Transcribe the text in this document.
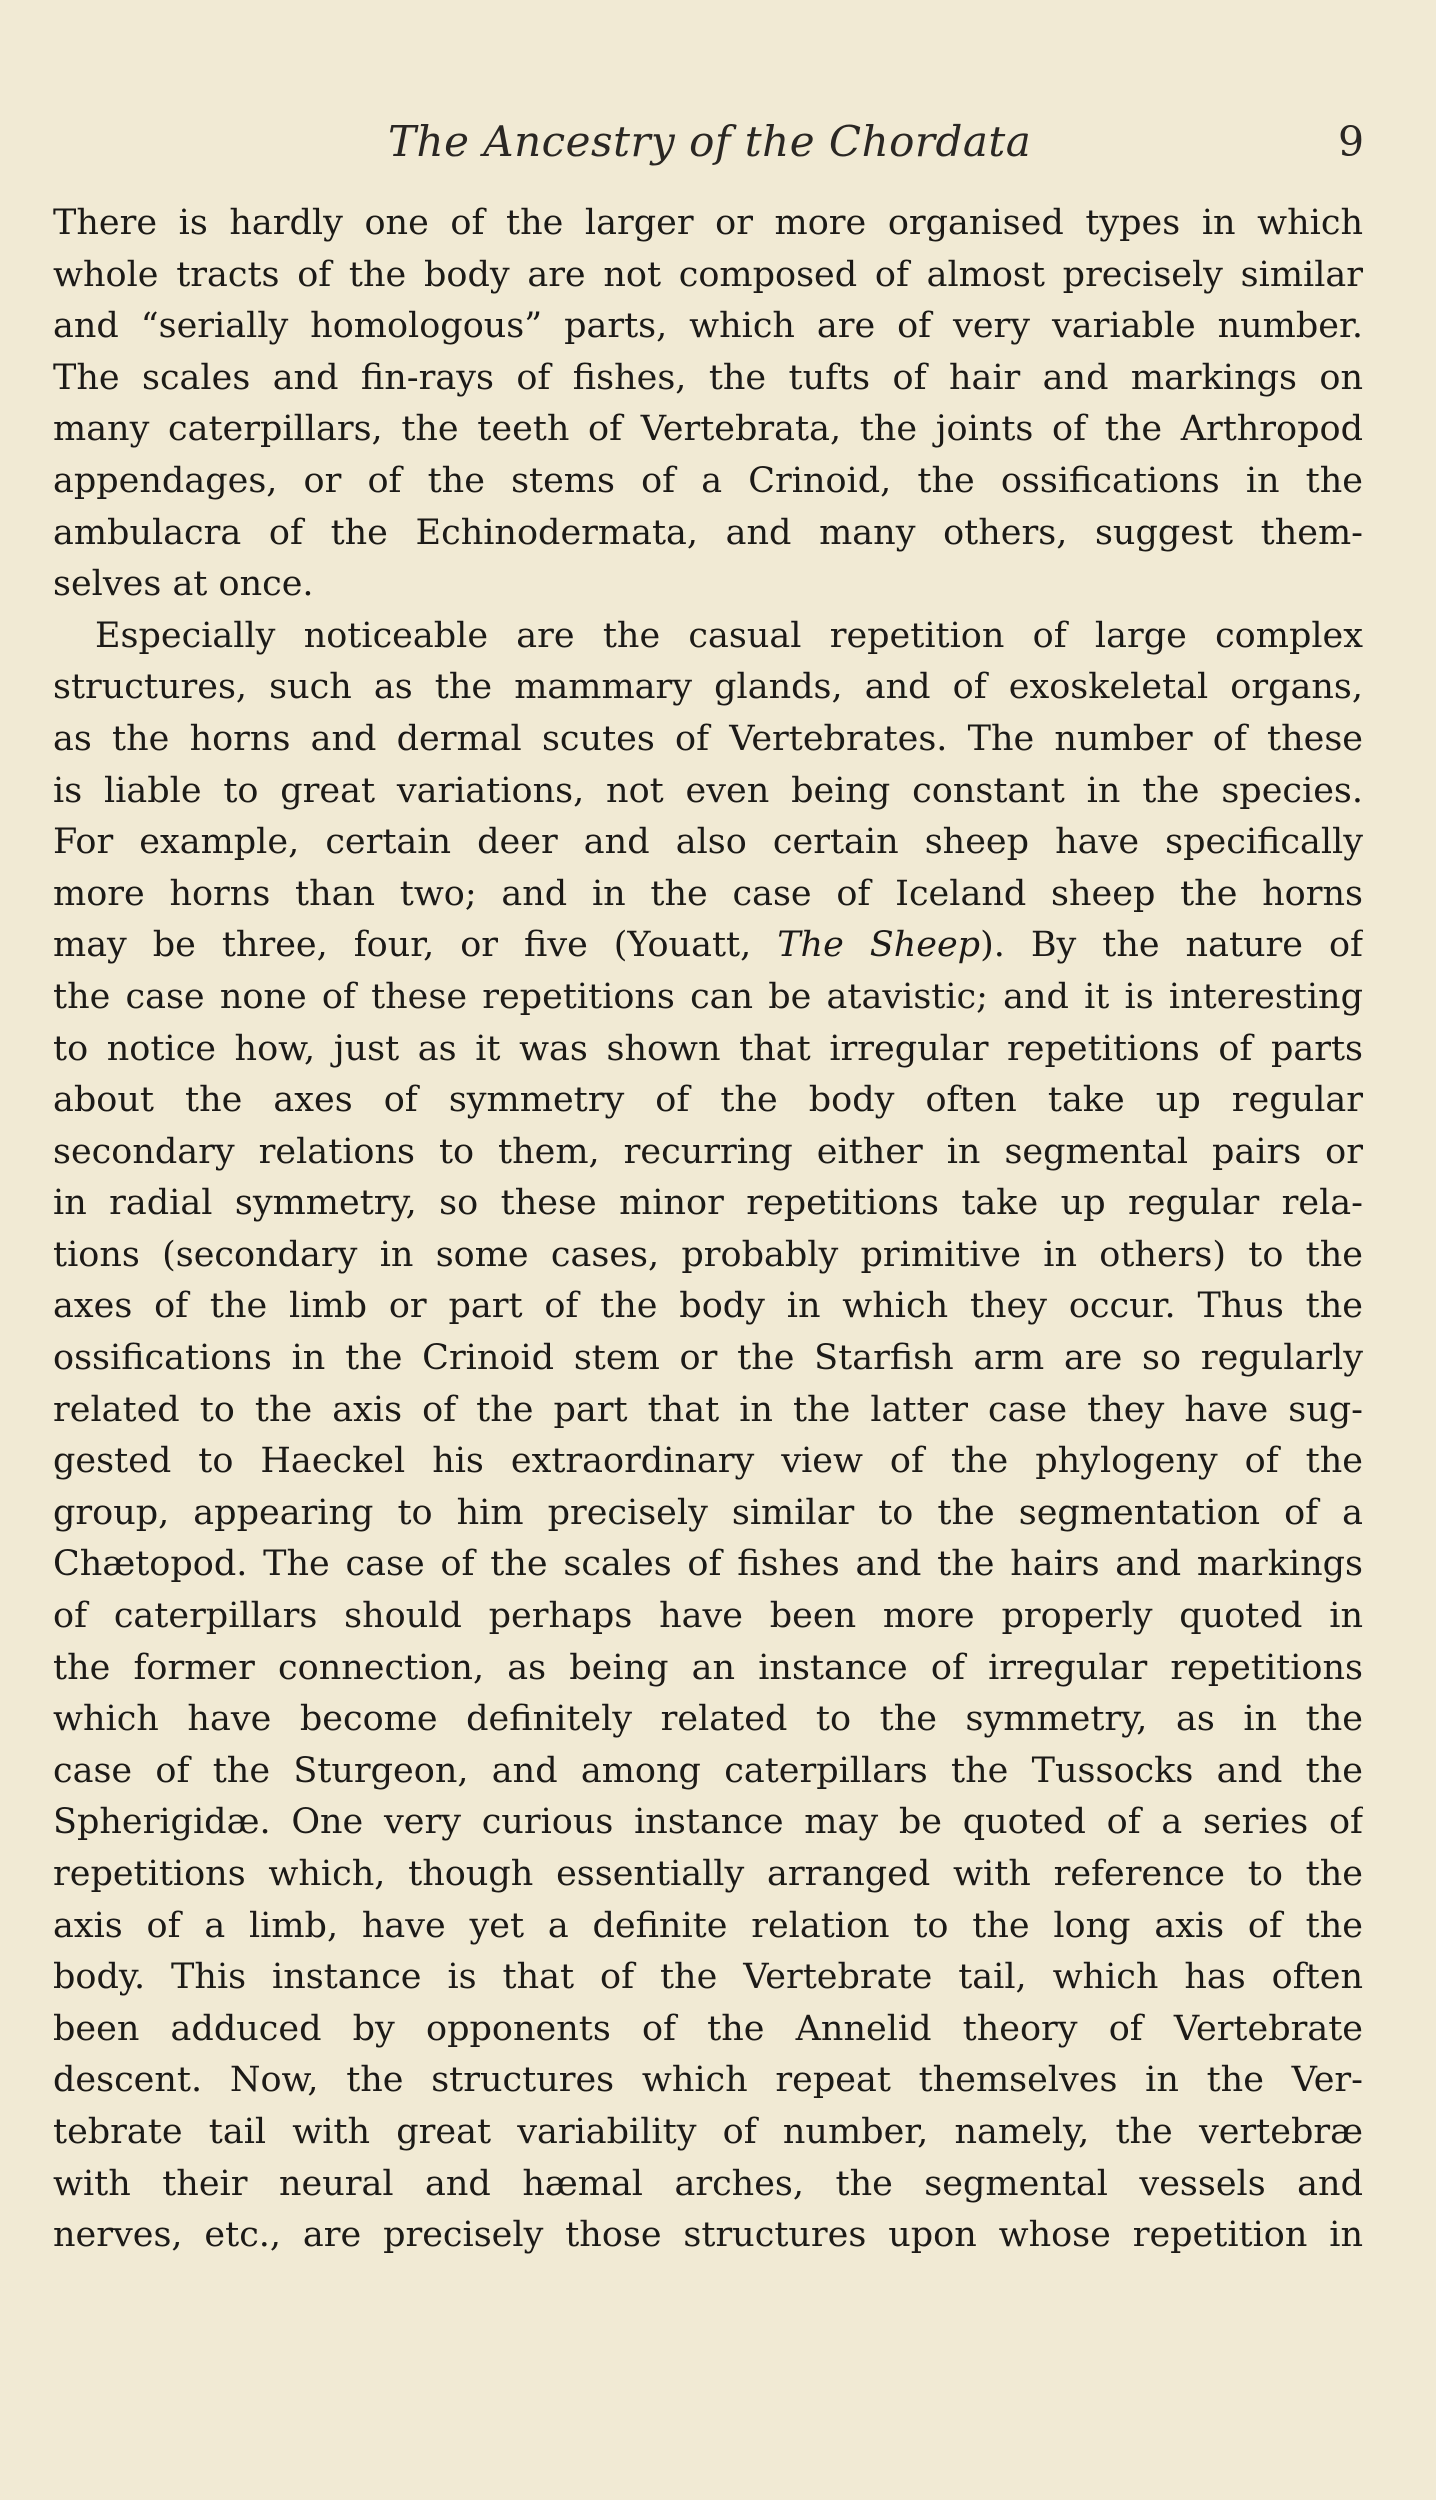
The Ancestry of the Chordata	9
There is hardly one of the larger or more organised types in which
whole tracts of the body are not composed of almost precisely similar
and “serially homologous” parts, which are of very variable number.
The scales and fin-rays of fishes, the tufts of hair and markings on
many caterpillars, the teeth of Vertebrata, the joints of the Arthropod
appendages, or of the stems of a Crinoid, the ossifications in the
ambulacra of the Echinodermata, and many others, suggest them-
selves at once.
Especially noticeable are the casual repetition of large complex
structures, such as the mammary glands, and of exoskeletal organs,
as the horns and dermal scutes of Vertebrates. The number of these
is liable to great variations, not even being constant in the species.
For example, certain deer and also certain sheep have specifically
more horns than two; and in the case of Iceland sheep the horns
may be three, four, or five (Youatt, The Sheep). By the nature of
the case none of these repetitions can be atavistic; and it is interesting
to notice how, just as it was shown that irregular repetitions of parts
about the axes of symmetry of the body often take up regular
secondary relations to them, recurring either in segmental pairs or
in radial symmetry, so these minor repetitions take up regular rela-
tions (secondary in some cases, probably primitive in others) to the
axes of the limb or part of the body in which they occur. Thus the
ossifications in the Crinoid stem or the Starfish arm are so regularly
related to the axis of the part that in the latter case they have sug-
gested to Haeckel his extraordinary view of the phylogeny of the
group, appearing to him precisely similar to the segmentation of a
Chætopod. The case of the scales of fishes and the hairs and markings
of caterpillars should perhaps have been more properly quoted in
the former connection, as being an instance of irregular repetitions
which have become definitely related to the symmetry, as in the
case of the Sturgeon, and among caterpillars the Tussocks and the
Spherigidæ. One very curious instance may be quoted of a series of
repetitions which, though essentially arranged with reference to the
axis of a limb, have yet a definite relation to the long axis of the
body. This instance is that of the Vertebrate tail, which has often
been adduced by opponents of the Annelid theory of Vertebrate
descent. Now, the structures which repeat themselves in the Ver-
tebrate tail with great variability of number, namely, the vertebræ
with their neural and hæmal arches, the segmental vessels and
nerves, etc., are precisely those structures upon whose repetition in
